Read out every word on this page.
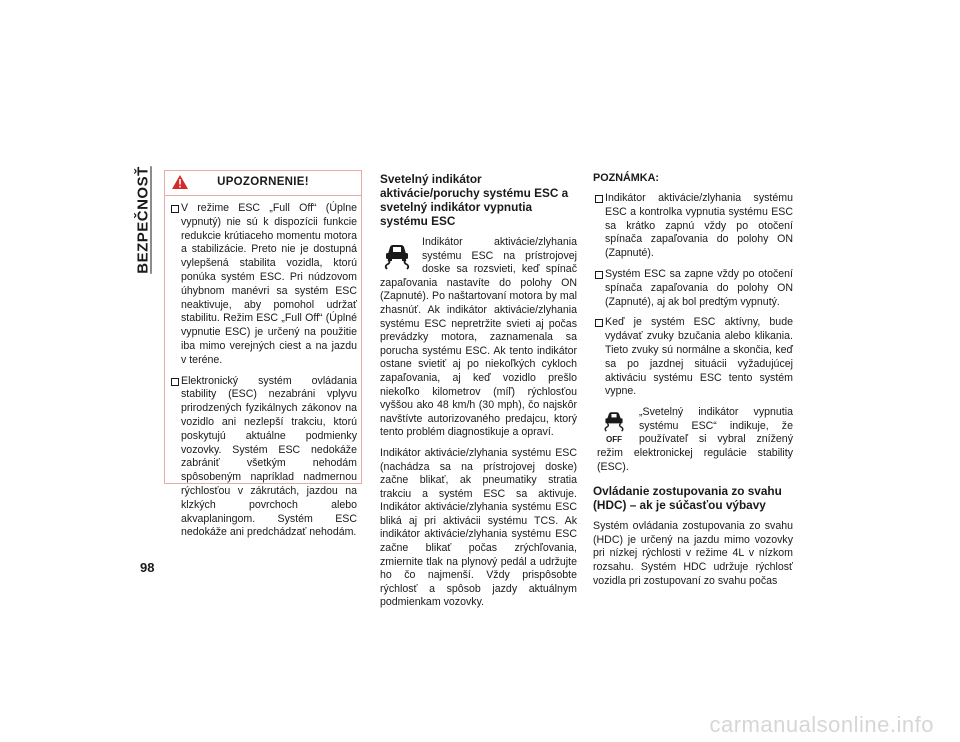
BEZPEČNOSŤ
98
UPOZORNENIE!
V režime ESC „Full Off“ (Úplne vypnutý) nie sú k dispozícii funkcie redukcie krútiaceho momentu motora a stabilizácie. Preto nie je dostupná vylepšená stabilita vozidla, ktorú ponúka systém ESC. Pri núdzovom úhybnom manévri sa systém ESC neaktivuje, aby pomohol udržať stabilitu. Režim ESC „Full Off“ (Úplné vypnutie ESC) je určený na použitie iba mimo verejných ciest a na jazdu v teréne.
Elektronický systém ovládania stability (ESC) nezabráni vplyvu prirodzených fyzikálnych zákonov na vozidlo ani nezlepší trakciu, ktorú poskytujú aktuálne podmienky vozovky. Systém ESC nedokáže zabrániť všetkým nehodám spôsobeným napríklad nadmernou rýchlosťou v zákrutách, jazdou na klzkých povrchoch alebo akvaplaningom. Systém ESC nedokáže ani predchádzať nehodám.
Svetelný indikátor aktivácie/poruchy systému ESC a svetelný indikátor vypnutia systému ESC

Indikátor aktivácie/zlyhania systému ESC na prístrojovej doske sa rozsvieti, keď spínač zapaľovania nastavíte do polohy ON (Zapnuté). Po naštartovaní motora by mal zhasnúť. Ak indikátor aktivácie/zlyhania systému ESC nepretržite svieti aj počas prevádzky motora, zaznamenala sa porucha systému ESC. Ak tento indikátor ostane svietiť aj po niekoľkých cykloch zapaľovania, aj keď vozidlo prešlo niekoľko kilometrov (míľ) rýchlosťou vyššou ako 48 km/h (30 mph), čo najskôr navštívte autorizovaného predajcu, ktorý tento problém diagnostikuje a opraví.

Indikátor aktivácie/zlyhania systému ESC (nachádza sa na prístrojovej doske) začne blikať, ak pneumatiky stratia trakciu a systém ESC sa aktivuje. Indikátor aktivácie/zlyhania systému ESC bliká aj pri aktivácii systému TCS. Ak indikátor aktivácie/zlyhania systému ESC začne blikať počas zrýchľovania, zmiernite tlak na plynový pedál a udržujte ho čo najmenší. Vždy prispôsobte rýchlosť a spôsob jazdy aktuálnym podmienkam vozovky.

POZNÁMKA:
Indikátor aktivácie/zlyhania systému ESC a kontrolka vypnutia systému ESC sa krátko zapnú vždy po otočení spínača zapaľovania do polohy ON (Zapnuté).
Systém ESC sa zapne vždy po otočení spínača zapaľovania do polohy ON (Zapnuté), aj ak bol predtým vypnutý.
Keď je systém ESC aktívny, bude vydávať zvuky bzučania alebo klikania. Tieto zvuky sú normálne a skončia, keď sa po jazdnej situácii vyžadujúcej aktiváciu systému ESC tento systém vypne.

OFF
„Svetelný indikátor vypnutia systému ESC“ indikuje, že používateľ si vybral znížený režim elektronickej regulácie stability (ESC).

Ovládanie zostupovania zo svahu (HDC) – ak je súčasťou výbavy

Systém ovládania zostupovania zo svahu (HDC) je určený na jazdu mimo vozovky pri nízkej rýchlosti v režime 4L v nízkom rozsahu. Systém HDC udržuje rýchlosť vozidla pri zostupovaní zo svahu počas

carmanualsonline.info
